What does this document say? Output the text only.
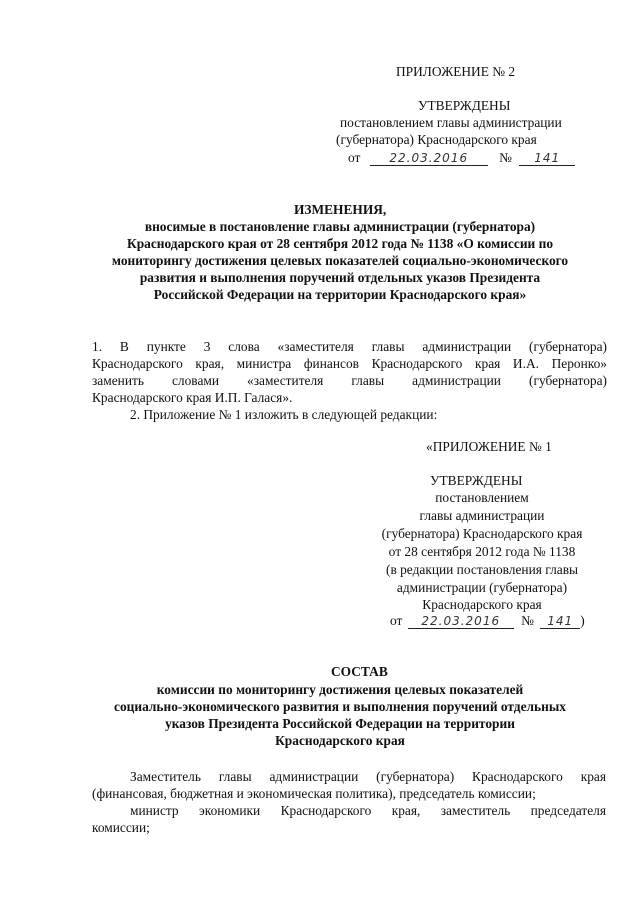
ПРИЛОЖЕНИЕ № 2
УТВЕРЖДЕНЫ
постановлением главы администрации
(губернатора) Краснодарского края
от 22.03.2016 № 141
ИЗМЕНЕНИЯ,
вносимые в постановление главы администрации (губернатора)
Краснодарского края от 28 сентября 2012 года № 1138 «О комиссии по
мониторингу достижения целевых показателей социально-экономического
развития и выполнения поручений отдельных указов Президента
Российской Федерации на территории Краснодарского края»
1. В пункте 3 слова «заместителя главы администрации (губернатора)
Краснодарского края, министра финансов Краснодарского края И.А. Перонко»
заменить словами «заместителя главы администрации (губернатора)
Краснодарского края И.П. Галася».
2. Приложение № 1 изложить в следующей редакции:
«ПРИЛОЖЕНИЕ № 1
УТВЕРЖДЕНЫ
постановлением
главы администрации
(губернатора) Краснодарского края
от 28 сентября 2012 года № 1138
(в редакции постановления главы
администрации (губернатора)
Краснодарского края
от 22.03.2016 № 141 )
СОСТАВ
комиссии по мониторингу достижения целевых показателей
социально-экономического развития и выполнения поручений отдельных
указов Президента Российской Федерации на территории
Краснодарского края
Заместитель главы администрации (губернатора) Краснодарского края
(финансовая, бюджетная и экономическая политика), председатель комиссии;
министр экономики Краснодарского края, заместитель председателя
комиссии;
